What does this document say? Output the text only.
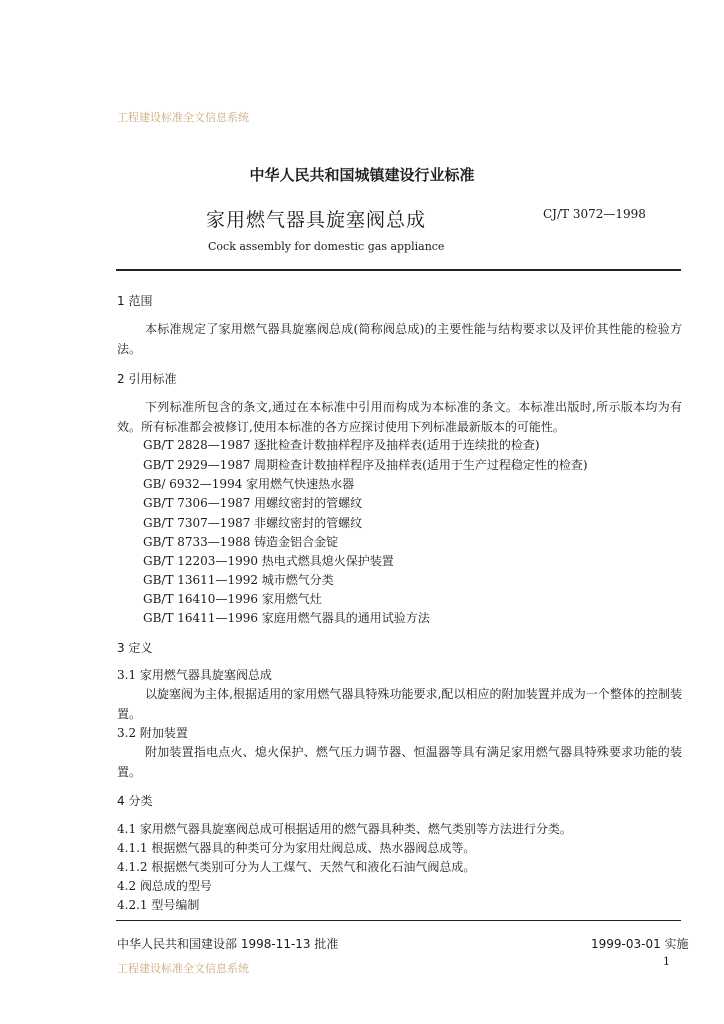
工程建设标准全文信息系统
中华人民共和国城镇建设行业标准
家用燃气器具旋塞阀总成	CJ/T 3072—1998
Cock assembly for domestic gas appliance
1 范围
本标准规定了家用燃气器具旋塞阀总成(简称阀总成)的主要性能与结构要求以及评价其性能的检验方法。
2 引用标准
下列标准所包含的条文,通过在本标准中引用而构成为本标准的条文。本标准出版时,所示版本均为有效。所有标准都会被修订,使用本标准的各方应探讨使用下列标准最新版本的可能性。
GB/T 2828—1987 逐批检查计数抽样程序及抽样表(适用于连续批的检查)
GB/T 2929—1987 周期检查计数抽样程序及抽样表(适用于生产过程稳定性的检查)
GB/ 6932—1994 家用燃气快速热水器
GB/T 7306—1987 用螺纹密封的管螺纹
GB/T 7307—1987 非螺纹密封的管螺纹
GB/T 8733—1988 铸造金铝合金锭
GB/T 12203—1990 热电式燃具熄火保护装置
GB/T 13611—1992 城市燃气分类
GB/T 16410—1996 家用燃气灶
GB/T 16411—1996 家庭用燃气器具的通用试验方法
3 定义
3.1 家用燃气器具旋塞阀总成
以旋塞阀为主体,根据适用的家用燃气器具特殊功能要求,配以相应的附加装置并成为一个整体的控制装置。
3.2 附加装置
附加装置指电点火、熄火保护、燃气压力调节器、恒温器等具有满足家用燃气器具特殊要求功能的装置。
4 分类
4.1 家用燃气器具旋塞阀总成可根据适用的燃气器具种类、燃气类别等方法进行分类。
4.1.1 根据燃气器具的种类可分为家用灶阀总成、热水器阀总成等。
4.1.2 根据燃气类别可分为人工煤气、天然气和液化石油气阀总成。
4.2 阀总成的型号
4.2.1 型号编制
中华人民共和国建设部 1998-11-13 批准	1999-03-01 实施
1
工程建设标准全文信息系统
